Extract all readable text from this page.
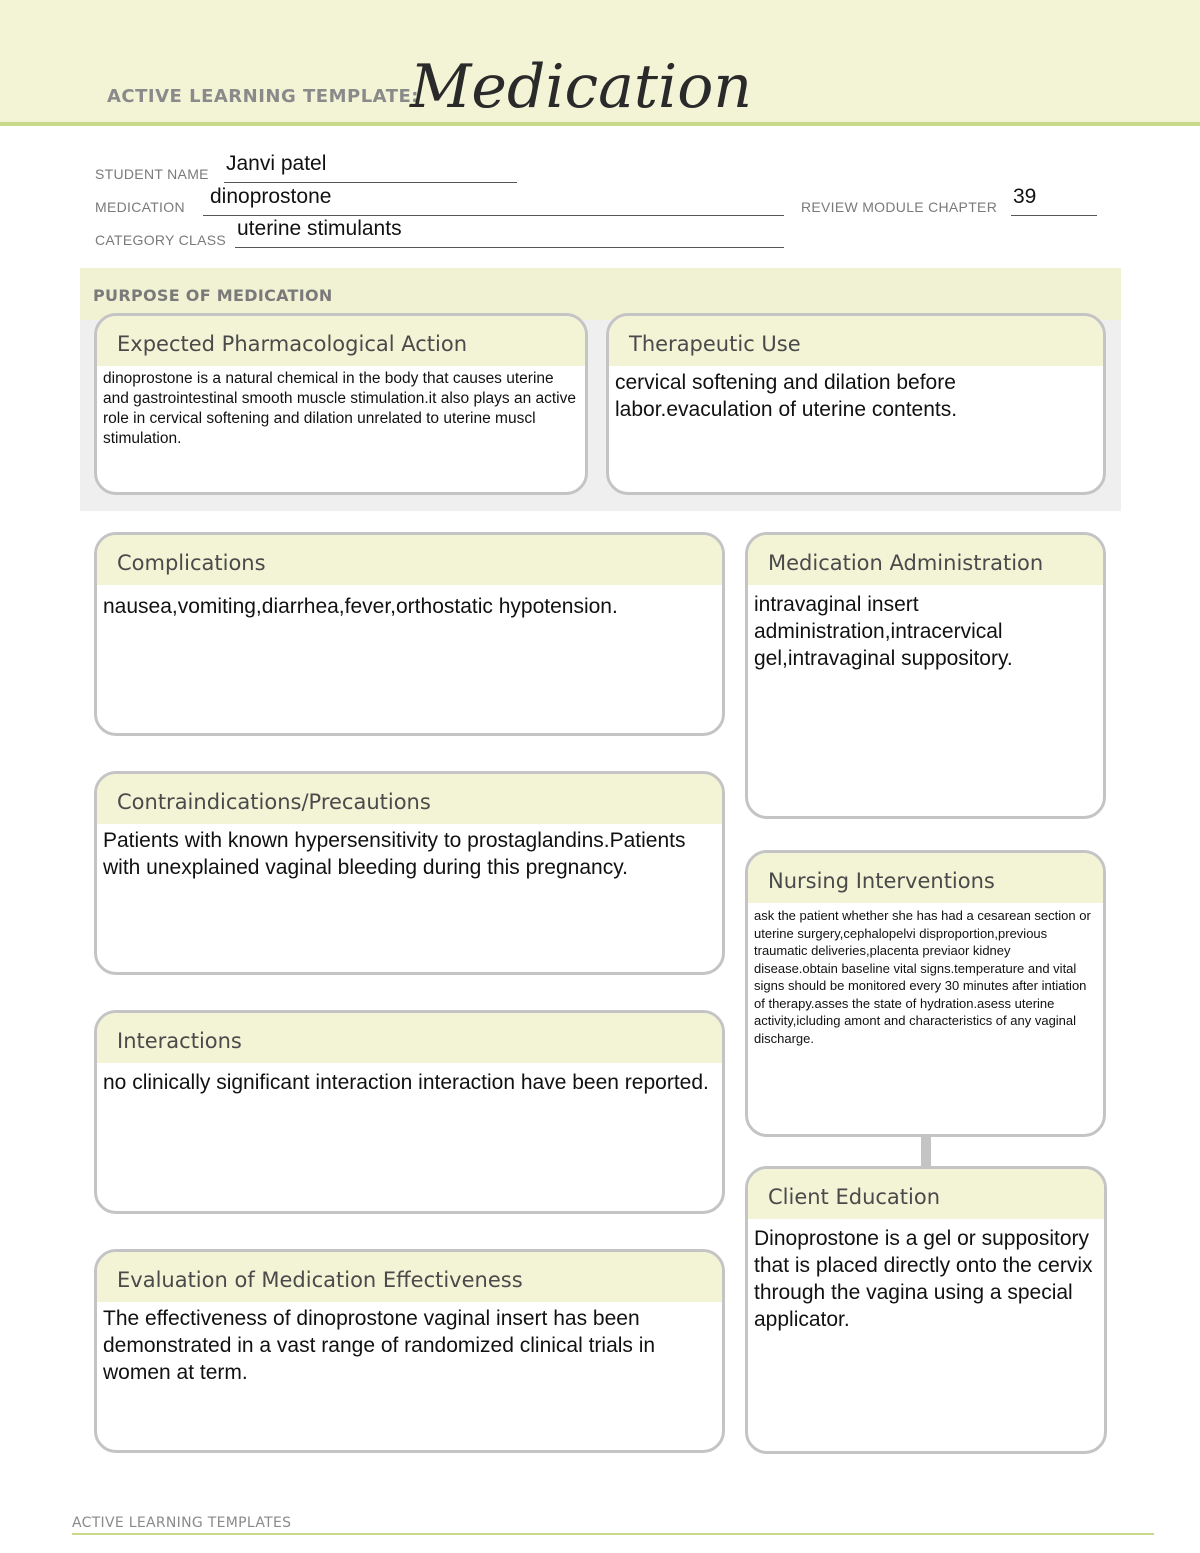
ACTIVE LEARNING TEMPLATE:
Medication
STUDENT NAME Janvi patel
MEDICATION dinoprostone	REVIEW MODULE CHAPTER 39
CATEGORY CLASS uterine stimulants
PURPOSE OF MEDICATION
Expected Pharmacological Action
dinoprostone is a natural chemical in the body that causes uterine and gastrointestinal smooth muscle stimulation.it also plays an active role in cervical softening and dilation unrelated to uterine muscl stimulation.
Therapeutic Use
cervical softening and dilation before labor.evaculation of uterine contents.
Complications
nausea,vomiting,diarrhea,fever,orthostatic hypotension.
Contraindications/Precautions
Patients with known hypersensitivity to prostaglandins.Patients with unexplained vaginal bleeding during this pregnancy.
Interactions
no clinically significant interaction interaction have been reported.
Evaluation of Medication Effectiveness
The effectiveness of dinoprostone vaginal insert has been demonstrated in a vast range of randomized clinical trials in women at term.
Medication Administration
intravaginal insert administration,intracervical gel,intravaginal suppository.
Nursing Interventions
ask the patient whether she has had a cesarean section or uterine surgery,cephalopelvi disproportion,previous traumatic deliveries,placenta previaor kidney disease.obtain baseline vital signs.temperature and vital signs should be monitored every 30 minutes after intiation of therapy.asses the state of hydration.asess uterine activity,icluding amont and characteristics of any vaginal discharge.
Client Education
Dinoprostone is a gel or suppository that is placed directly onto the cervix through the vagina using a special applicator.
ACTIVE LEARNING TEMPLATES
